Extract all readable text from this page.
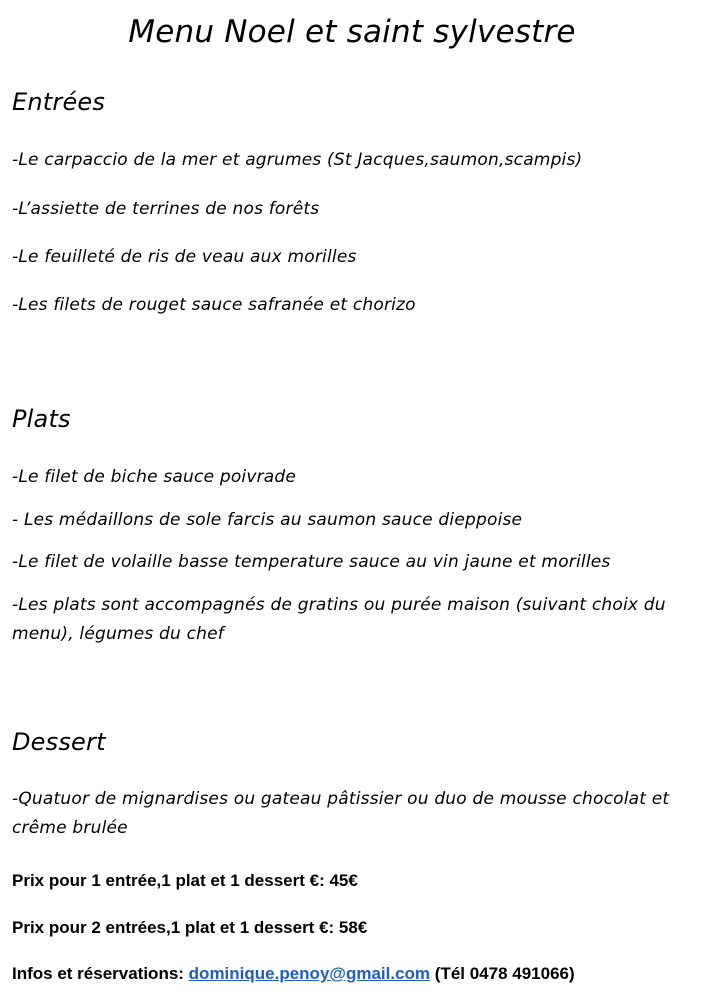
Menu Noel et saint sylvestre
Entrées

-Le carpaccio de la mer et agrumes (St Jacques,saumon,scampis)

-L’assiette de terrines de nos forêts

-Le feuilleté de ris de veau aux morilles

-Les filets de rouget sauce safranée et chorizo

Plats

-Le filet de biche sauce poivrade

- Les médaillons de sole farcis au saumon sauce dieppoise

-Le filet de volaille basse temperature sauce au vin jaune et morilles

-Les plats sont accompagnés de gratins ou purée maison (suivant choix du menu), légumes du chef

Dessert

-Quatuor de mignardises ou gateau pâtissier ou duo de mousse chocolat et crême brulée

Prix pour 1 entrée,1 plat et 1 dessert €: 45€

Prix pour 2 entrées,1 plat et 1 dessert €: 58€

Infos et réservations: dominique.penoy@gmail.com (Tél 0478 491066)
